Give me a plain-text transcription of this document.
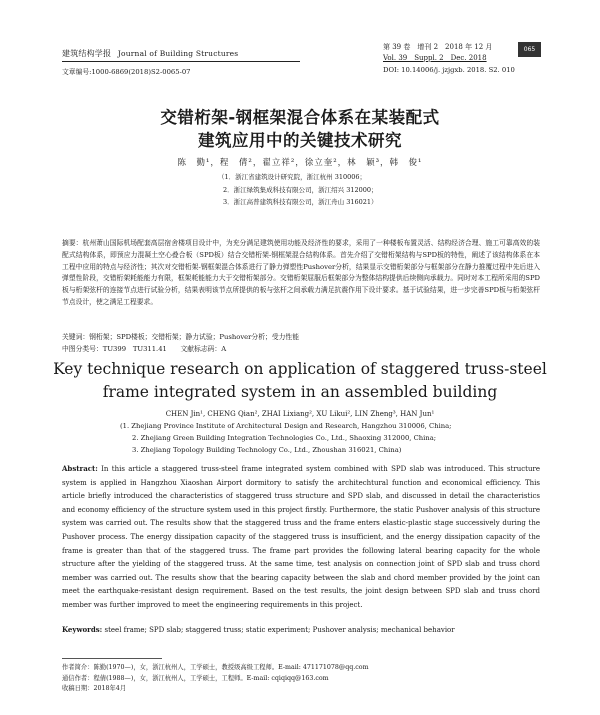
建筑结构学报 Journal of Building Structures
文章编号:1000-6869(2018)S2-0065-07
第 39 卷　增刊 2　2018 年 12 月
Vol. 39　Suppl. 2　Dec. 2018
DOI: 10.14006/j. jzjgxb. 2018. S2. 010
065
交错桁架-钢框架混合体系在某装配式
建筑应用中的关键技术研究
陈　勤¹，程　倩²，翟立祥²，徐立奎²，林　颖³，韩　俊¹
（1．浙江省建筑设计研究院，浙江杭州 310006；
2．浙江绿筑集成科技有限公司，浙江绍兴 312000；
3．浙江高普建筑科技有限公司，浙江舟山 316021）
摘要：杭州萧山国际机场配套高层宿舍楼项目设计中，为充分满足建筑使用功能及经济性的要求，采用了一种楼板布置灵活、结构经济合理、施工可靠高效的装配式结构体系，即预应力混凝土空心叠合板（SPD板）结合交错桁架-钢框架混合结构体系。首先介绍了交错桁架结构与SPD板的特性，阐述了该结构体系在本工程中应用的特点与经济性；其次对交错桁架-钢框架混合体系进行了静力弹塑性Pushover分析，结果显示交错桁架部分与框架部分在静力推覆过程中先后进入弹塑性阶段，交错桁架耗能能力有限，框架耗能能力大于交错桁架部分。交错桁架屈服后框架部分为整体结构提供后续侧向承载力。同时对本工程所采用的SPD板与桁架弦杆的连接节点进行试验分析，结果表明该节点所提供的板与弦杆之间承载力满足抗震作用下设计要求。基于试验结果，进一步完善SPD板与桁架弦杆节点设计，使之满足工程要求。
关键词：钢桁架；SPD楼板；交错桁架；静力试验；Pushover分析；受力性能
中图分类号：TU399　TU311.41　　文献标志码：A
Key technique research on application of staggered truss-steel
frame integrated system in an assembled building
CHEN Jin¹, CHENG Qian², ZHAI Lixiang², XU Likui², LIN Zheng³, HAN Jun¹
(1. Zhejiang Province Institute of Architectural Design and Research, Hangzhou 310006, China;
2. Zhejiang Green Building Integration Technologies Co., Ltd., Shaoxing 312000, China;
3. Zhejiang Topology Building Technology Co., Ltd., Zhoushan 316021, China)
Abstract: In this article a staggered truss-steel frame integrated system combined with SPD slab was introduced. This structure system is applied in Hangzhou Xiaoshan Airport dormitory to satisfy the architechtural function and economical efficiency. This article briefly introduced the characteristics of staggered truss structure and SPD slab, and discussed in detail the characteristics and economy efficiency of the structure system used in this project firstly. Furthermore, the static Pushover analysis of this structure system was carried out. The results show that the staggered truss and the frame enters elastic-plastic stage successively during the Pushover process. The energy dissipation capacity of the staggered truss is insufficient, and the energy dissipation capacity of the frame is greater than that of the staggered truss. The frame part provides the following lateral bearing capacity for the whole structure after the yielding of the staggered truss. At the same time, test analysis on connection joint of SPD slab and truss chord member was carried out. The results show that the bearing capacity between the slab and chord member provided by the joint can meet the earthquake-resistant design requirement. Based on the test results, the joint design between SPD slab and truss chord member was further improved to meet the engineering requirements in this project.
Keywords: steel frame; SPD slab; staggered truss; static experiment; Pushover analysis; mechanical behavior
作者简介：陈勤(1970—)，女，浙江杭州人，工学硕士，教授级高级工程师。E-mail: 471171078@qq.com
通信作者：程倩(1988—)，女，浙江杭州人，工学硕士，工程师。E-mail: cqiqiqq@163.com
收稿日期：2018年4月
